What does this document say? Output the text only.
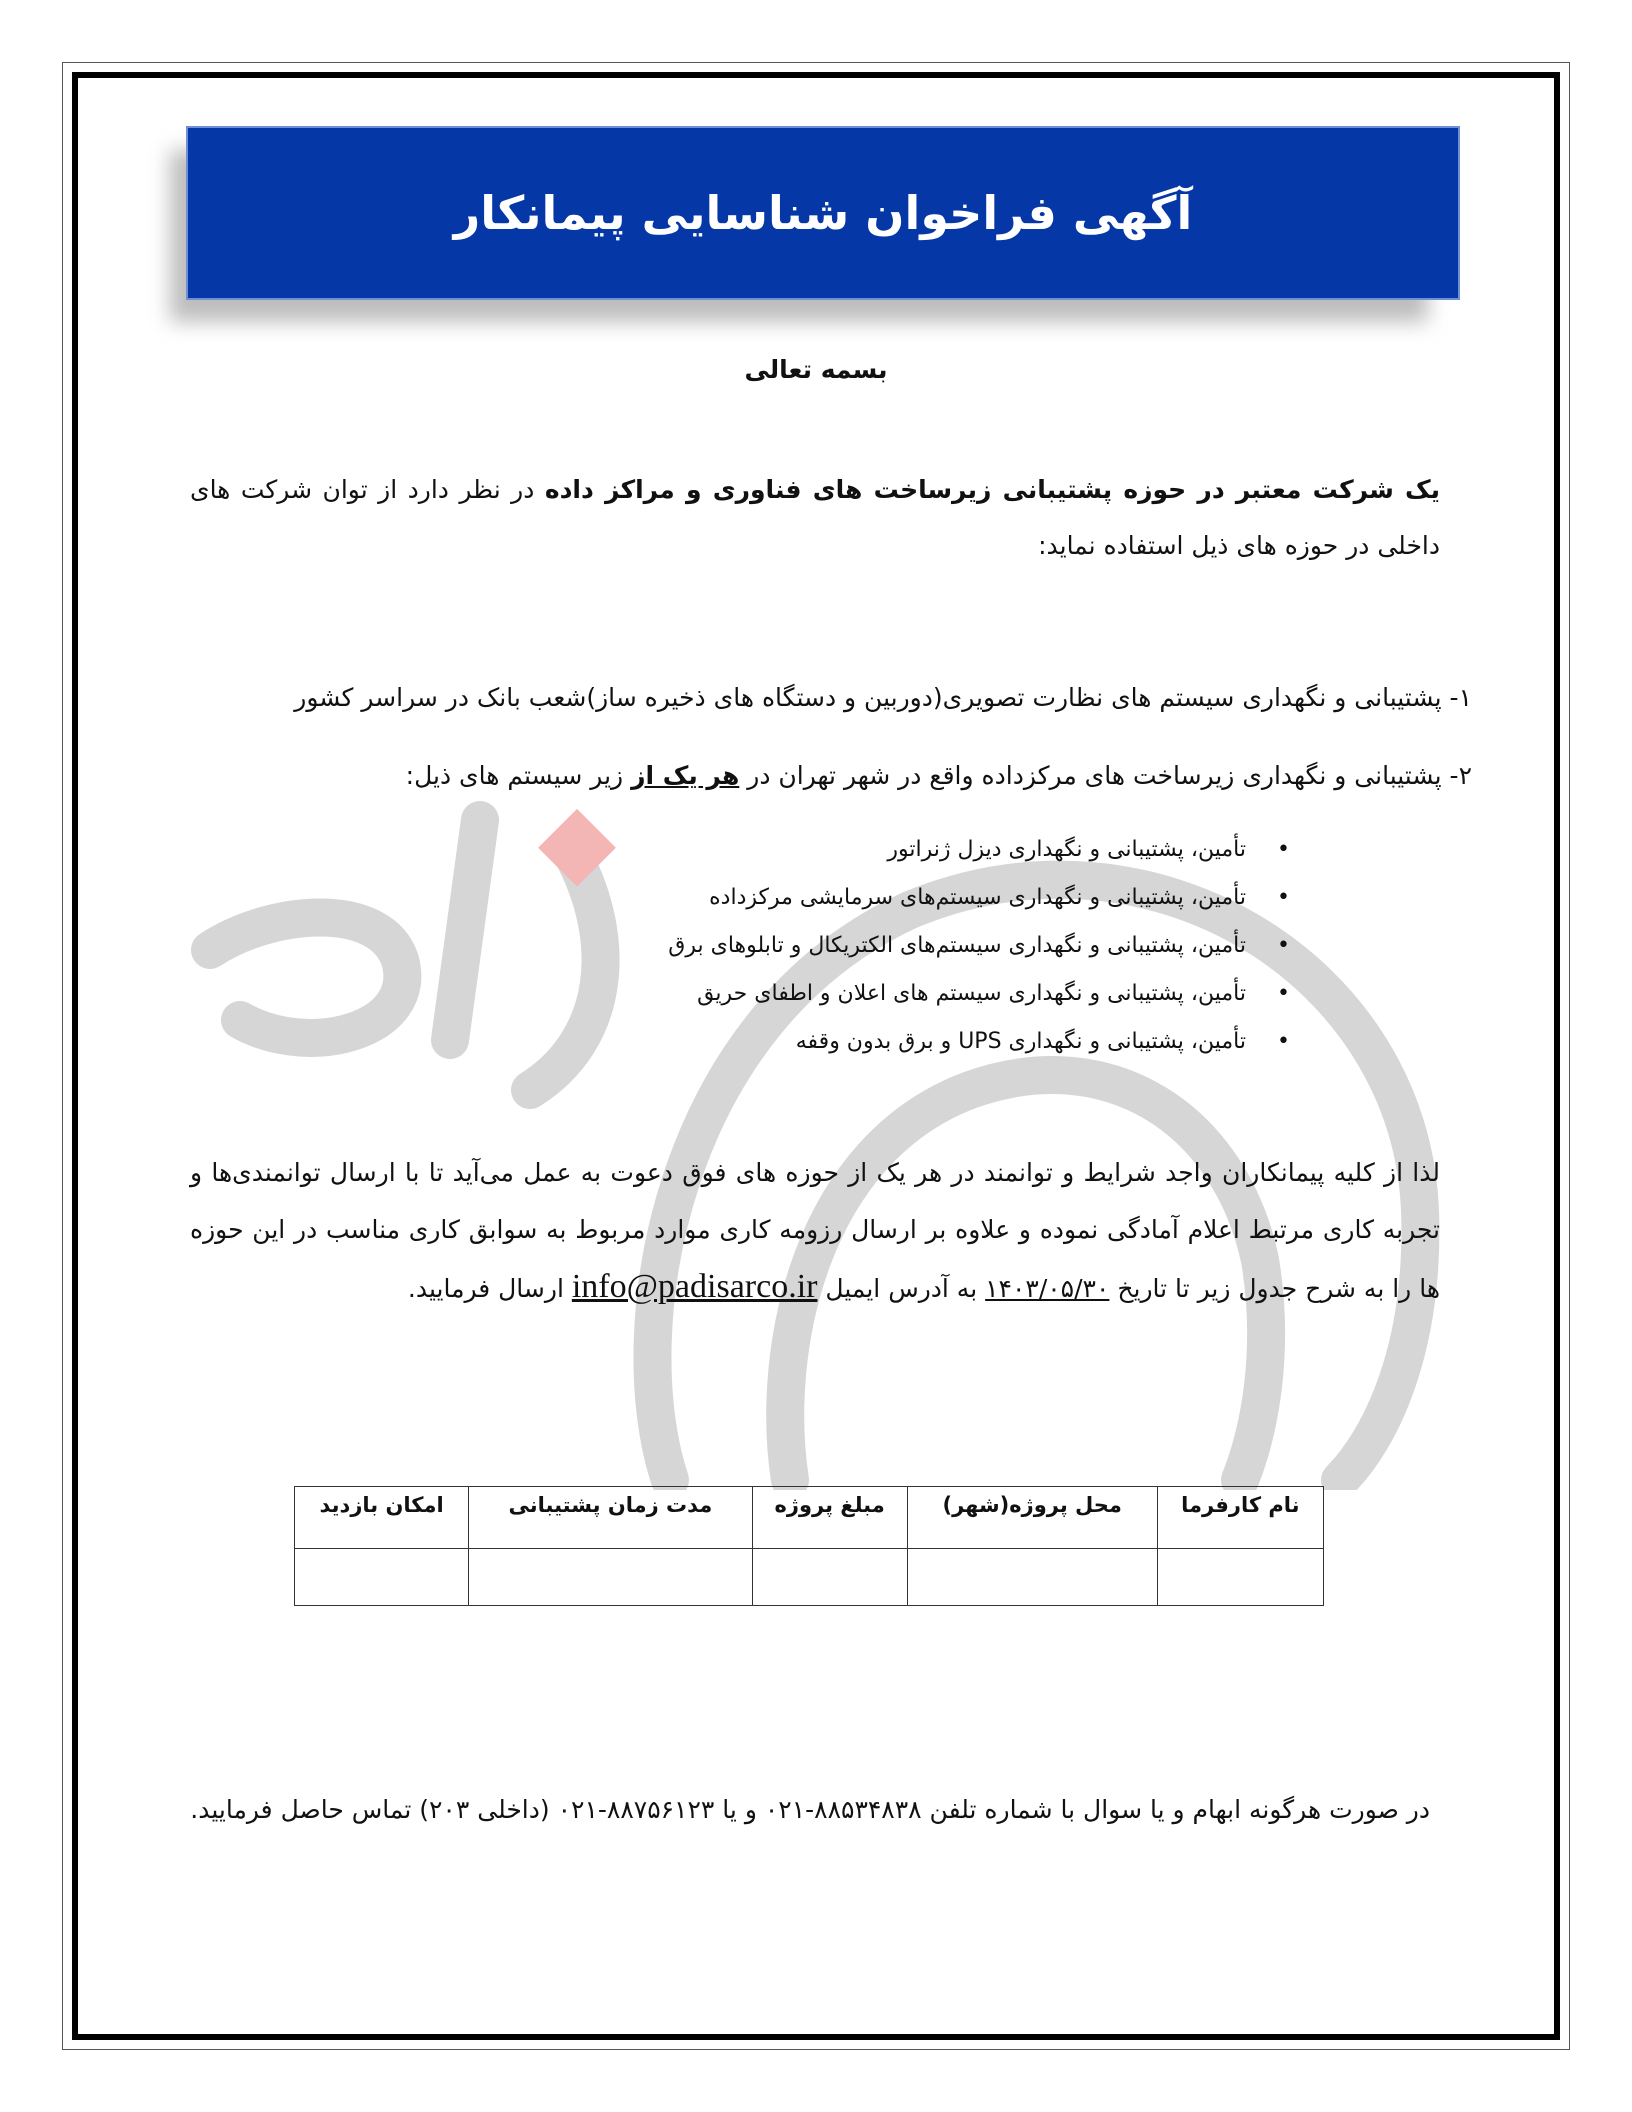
آگهی فراخوان شناسایی پیمانکار
بسمه تعالی
یک شرکت معتبر در حوزه پشتیبانی زیرساخت های فناوری و مراکز داده در نظر دارد از توان شرکت های داخلی در حوزه های ذیل استفاده نماید:
۱- پشتیبانی و نگهداری سیستم های نظارت تصویری(دوربین و دستگاه های ذخیره ساز)شعب بانک در سراسر کشور
۲- پشتیبانی و نگهداری زیرساخت های مرکزداده واقع در شهر تهران در هر یک از زیر سیستم های ذیل:
• تأمین، پشتیبانی و نگهداری دیزل ژنراتور
• تأمین، پشتیبانی و نگهداری سیستم‌های سرمایشی مرکزداده
• تأمین، پشتیبانی و نگهداری سیستم‌های الکتریکال و تابلوهای برق
• تأمین، پشتیبانی و نگهداری سیستم های اعلان و اطفای حریق
• تأمین، پشتیبانی و نگهداری UPS و برق بدون وقفه
لذا از کلیه پیمانکاران واجد شرایط و توانمند در هر یک از حوزه های فوق دعوت به عمل می‌آید تا با ارسال توانمندی‌ها و تجربه کاری مرتبط اعلام آمادگی نموده و علاوه بر ارسال رزومه کاری موارد مربوط به سوابق کاری مناسب در این حوزه ها را به شرح جدول زیر تا تاریخ ۱۴۰۳/۰۵/۳۰ به آدرس ایمیل info@padisarco.ir ارسال فرمایید.
نام کارفرما	محل پروژه(شهر)	مبلغ پروژه	مدت زمان پشتیبانی	امکان بازدید

در صورت هرگونه ابهام و یا سوال با شماره تلفن ۸۸۵۳۴۸۳۸-۰۲۱ و یا ۸۸۷۵۶۱۲۳-۰۲۱ (داخلی ۲۰۳) تماس حاصل فرمایید.
